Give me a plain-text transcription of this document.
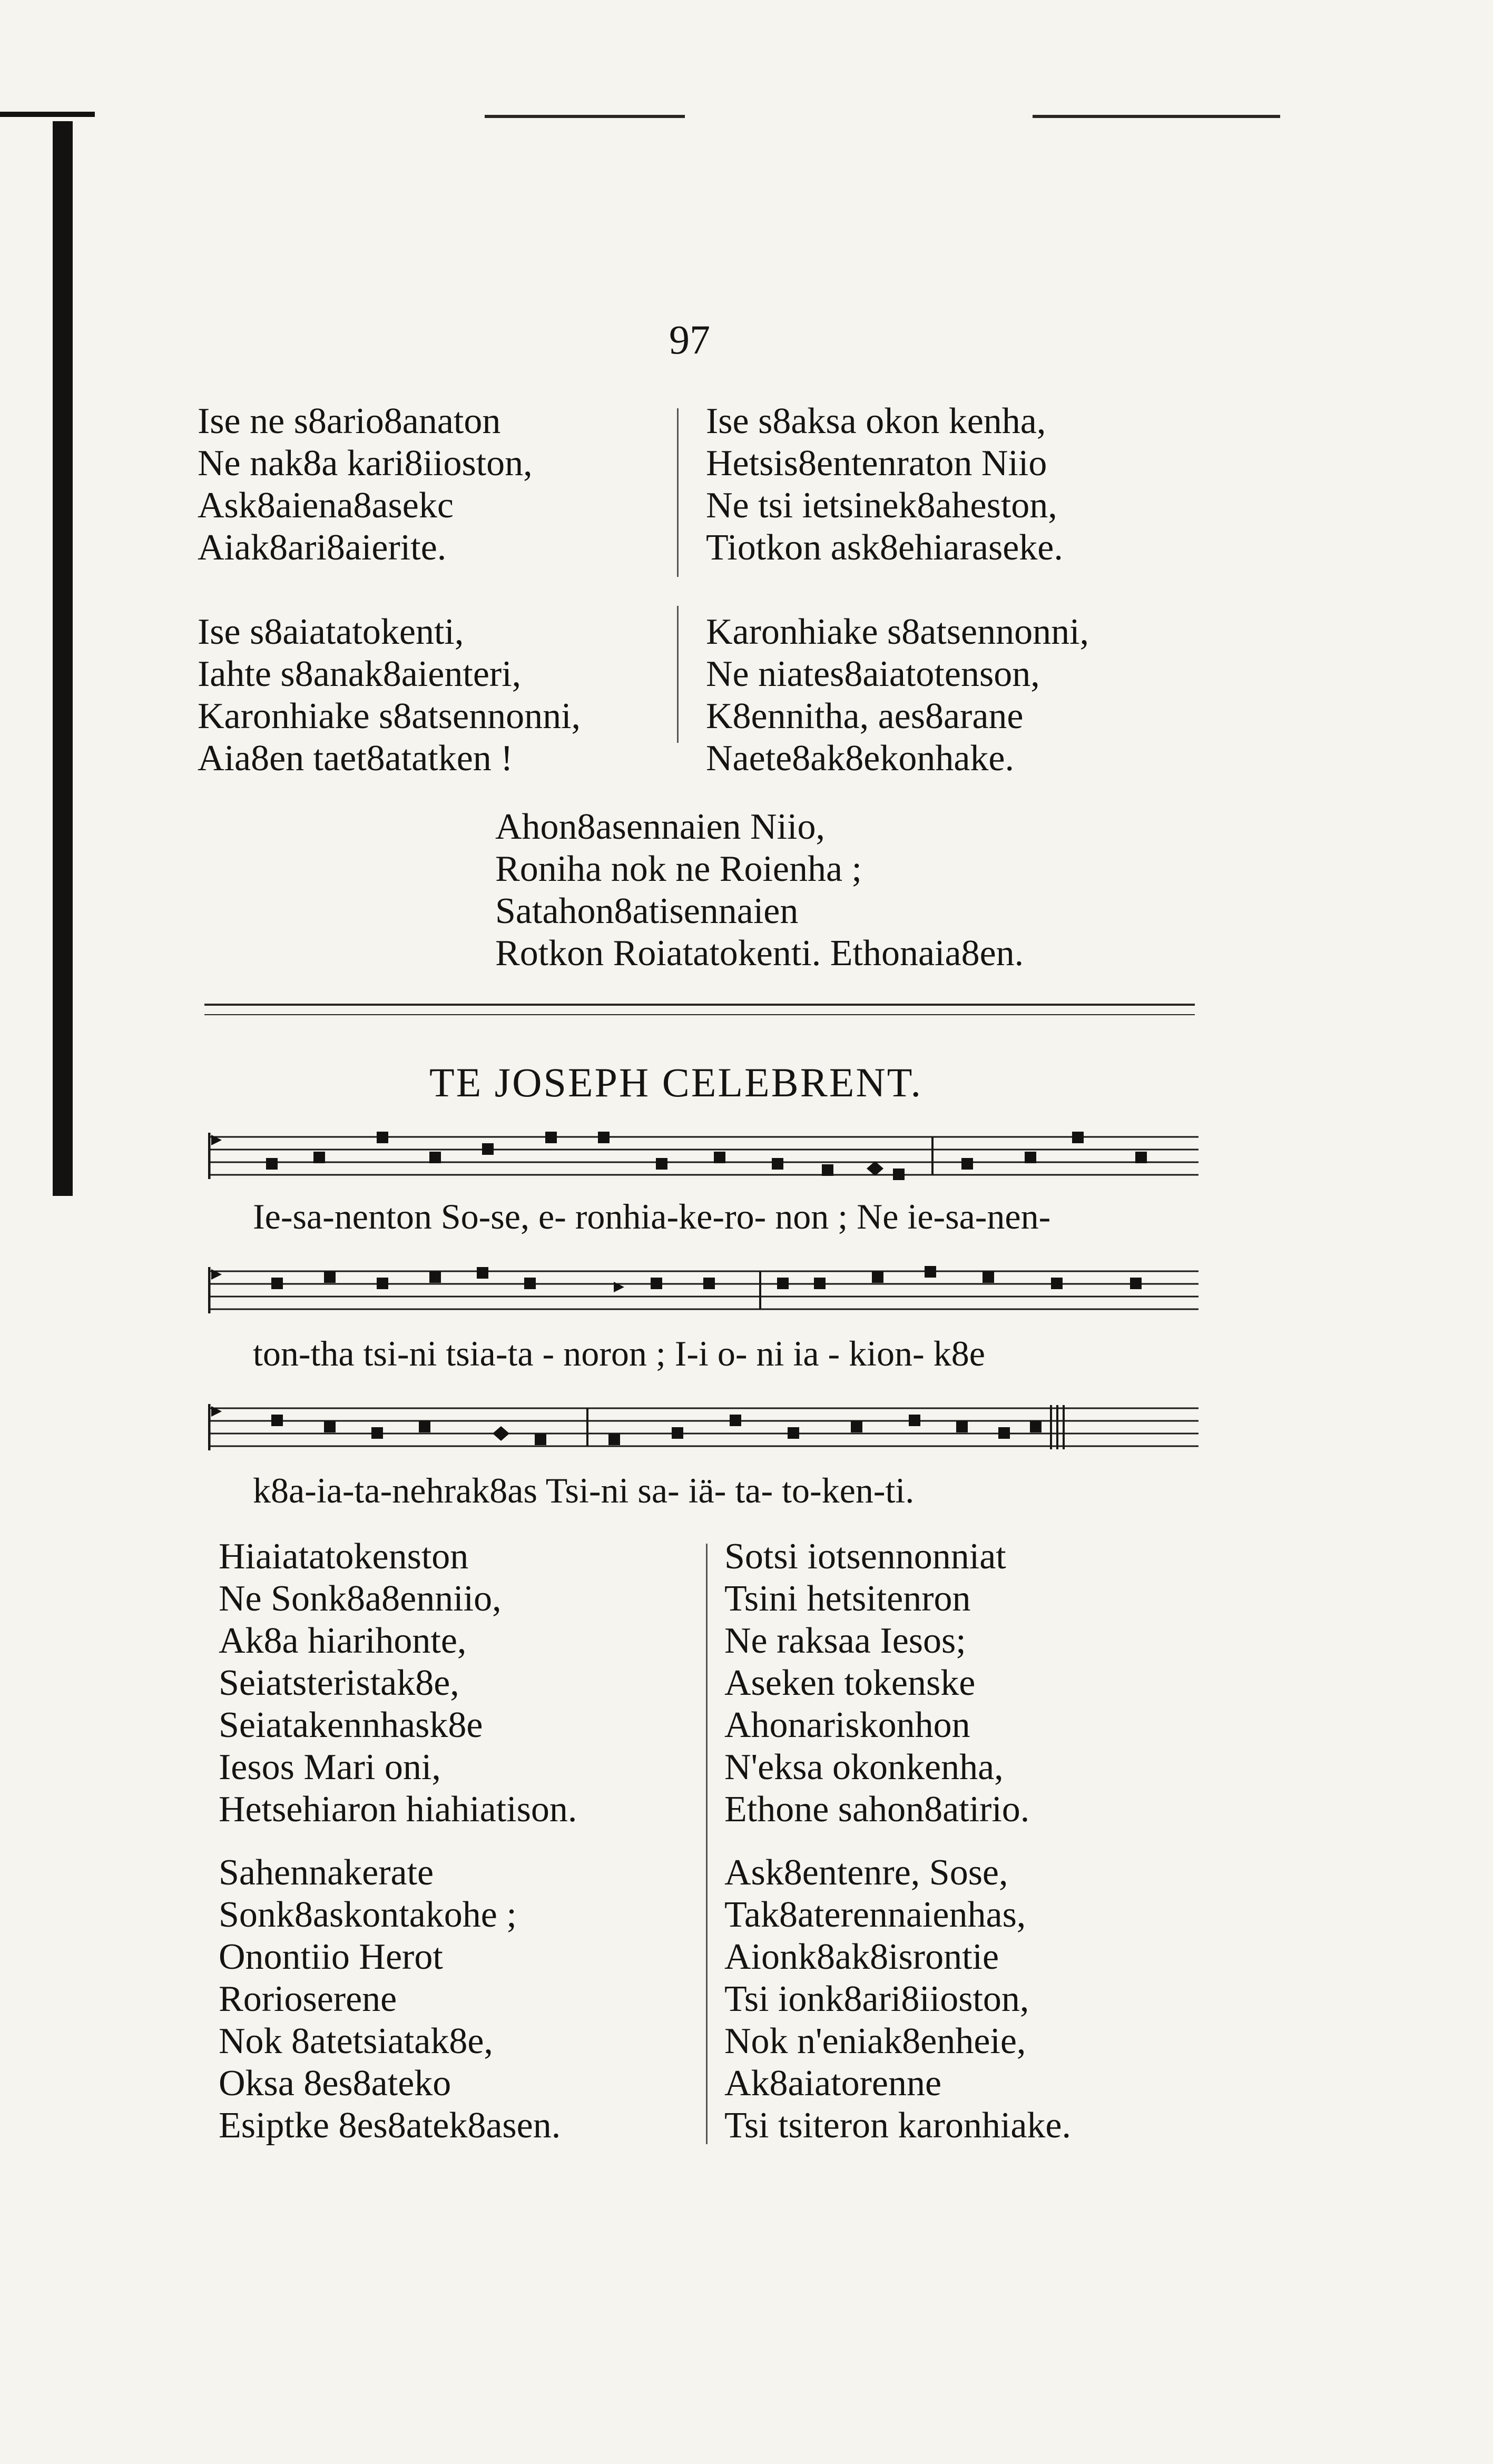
97
Ise ne s8ario8anaton
Ne nak8a kari8iioston,
Ask8aiena8asekc
Aiak8ari8aierite.
Ise s8aiatatokenti,
Iahte s8anak8aienteri,
Karonhiake s8atsennonni,
Aia8en taet8atatken !
Ise s8aksa okon kenha,
Hetsis8entenraton Niio
Ne tsi ietsinek8aheston,
Tiotkon ask8ehiaraseke.
Karonhiake s8atsennonni,
Ne niates8aiatotenson,
K8ennitha, aes8arane
Naete8ak8ekonhake.
Ahon8asennaien Niio,
Roniha nok ne Roienha ;
Satahon8atisennaien
Rotkon Roiatatokenti. Ethonaia8en.
TE JOSEPH CELEBRENT.
Ie-sa-nenton So-se, e- ronhia-ke-ro- non ; Ne ie-sa-nen-
ton-tha tsi-ni tsia-ta - noron ; I-i o- ni ia - kion- k8e
k8a-ia-ta-nehrak8as Tsi-ni sa- iä- ta- to-ken-ti.
Hiaiatatokenston
Ne Sonk8a8enniio,
Ak8a hiarihonte,
Seiatsteristak8e,
Seiatakennhask8e
Iesos Mari oni,
Hetsehiaron hiahiatison.
Sahennakerate
Sonk8askontakohe ;
Onontiio Herot
Rorioserene
Nok 8atetsiatak8e,
Oksa 8es8ateko
Esiptke 8es8atek8asen.
Sotsi iotsennonniat
Tsini hetsitenron
Ne raksaa Iesos;
Aseken tokenske
Ahonariskonhon
N'eksa okonkenha,
Ethone sahon8atirio.
Ask8entenre, Sose,
Tak8aterennaienhas,
Aionk8ak8isrontie
Tsi ionk8ari8iioston,
Nok n'eniak8enheie,
Ak8aiatorenne
Tsi tsiteron karonhiake.
